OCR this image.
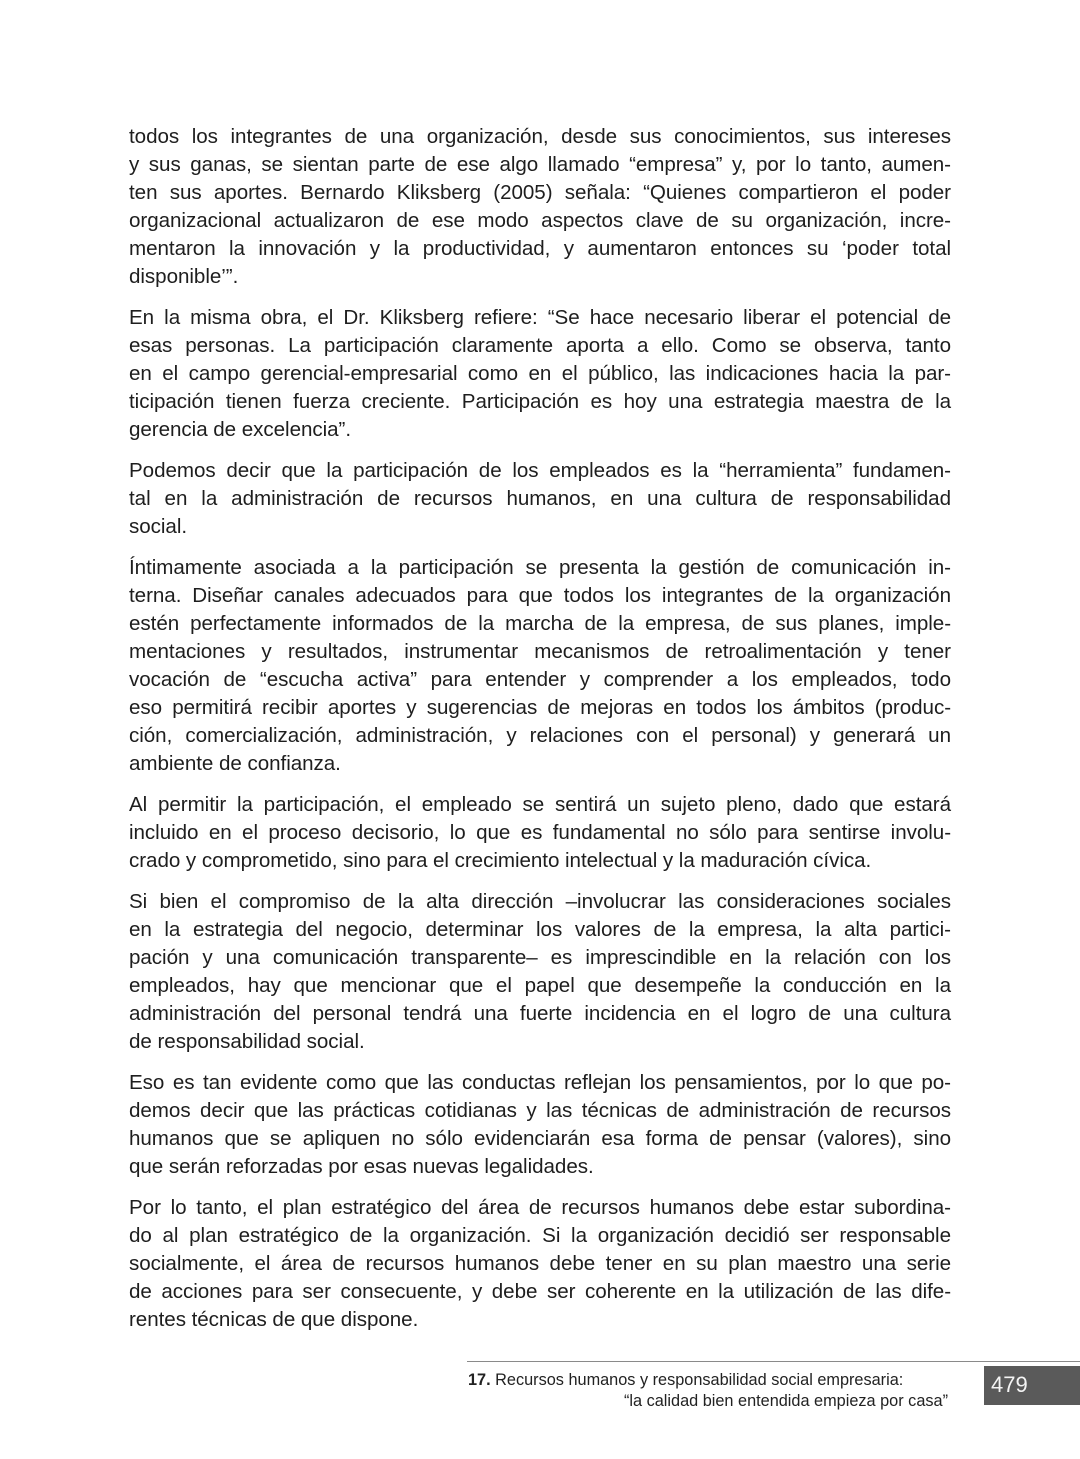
todos los integrantes de una organización, desde sus conocimientos, sus intereses
y sus ganas, se sientan parte de ese algo llamado “empresa” y, por lo tanto, aumen-
ten sus aportes. Bernardo Kliksberg (2005) señala: “Quienes compartieron el poder
organizacional actualizaron de ese modo aspectos clave de su organización, incre-
mentaron la innovación y la productividad, y aumentaron entonces su ‘poder total
disponible’”.

En la misma obra, el Dr. Kliksberg refiere: “Se hace necesario liberar el potencial de
esas personas. La participación claramente aporta a ello. Como se observa, tanto
en el campo gerencial-empresarial como en el público, las indicaciones hacia la par-
ticipación tienen fuerza creciente. Participación es hoy una estrategia maestra de la
gerencia de excelencia”.

Podemos decir que la participación de los empleados es la “herramienta” fundamen-
tal en la administración de recursos humanos, en una cultura de responsabilidad
social.

Íntimamente asociada a la participación se presenta la gestión de comunicación in-
terna. Diseñar canales adecuados para que todos los integrantes de la organización
estén perfectamente informados de la marcha de la empresa, de sus planes, imple-
mentaciones y resultados, instrumentar mecanismos de retroalimentación y tener
vocación de “escucha activa” para entender y comprender a los empleados, todo
eso permitirá recibir aportes y sugerencias de mejoras en todos los ámbitos (produc-
ción, comercialización, administración, y relaciones con el personal) y generará un
ambiente de confianza.

Al permitir la participación, el empleado se sentirá un sujeto pleno, dado que estará
incluido en el proceso decisorio, lo que es fundamental no sólo para sentirse involu-
crado y comprometido, sino para el crecimiento intelectual y la maduración cívica.

Si bien el compromiso de la alta dirección –involucrar las consideraciones sociales
en la estrategia del negocio, determinar los valores de la empresa, la alta partici-
pación y una comunicación transparente– es imprescindible en la relación con los
empleados, hay que mencionar que el papel que desempeñe la conducción en la
administración del personal tendrá una fuerte incidencia en el logro de una cultura
de responsabilidad social.

Eso es tan evidente como que las conductas reflejan los pensamientos, por lo que po-
demos decir que las prácticas cotidianas y las técnicas de administración de recursos
humanos que se apliquen no sólo evidenciarán esa forma de pensar (valores), sino
que serán reforzadas por esas nuevas legalidades.

Por lo tanto, el plan estratégico del área de recursos humanos debe estar subordina-
do al plan estratégico de la organización. Si la organización decidió ser responsable
socialmente, el área de recursos humanos debe tener en su plan maestro una serie
de acciones para ser consecuente, y debe ser coherente en la utilización de las dife-
rentes técnicas de que dispone.

17. Recursos humanos y responsabilidad social empresaria:
“la calidad bien entendida empieza por casa”
479
